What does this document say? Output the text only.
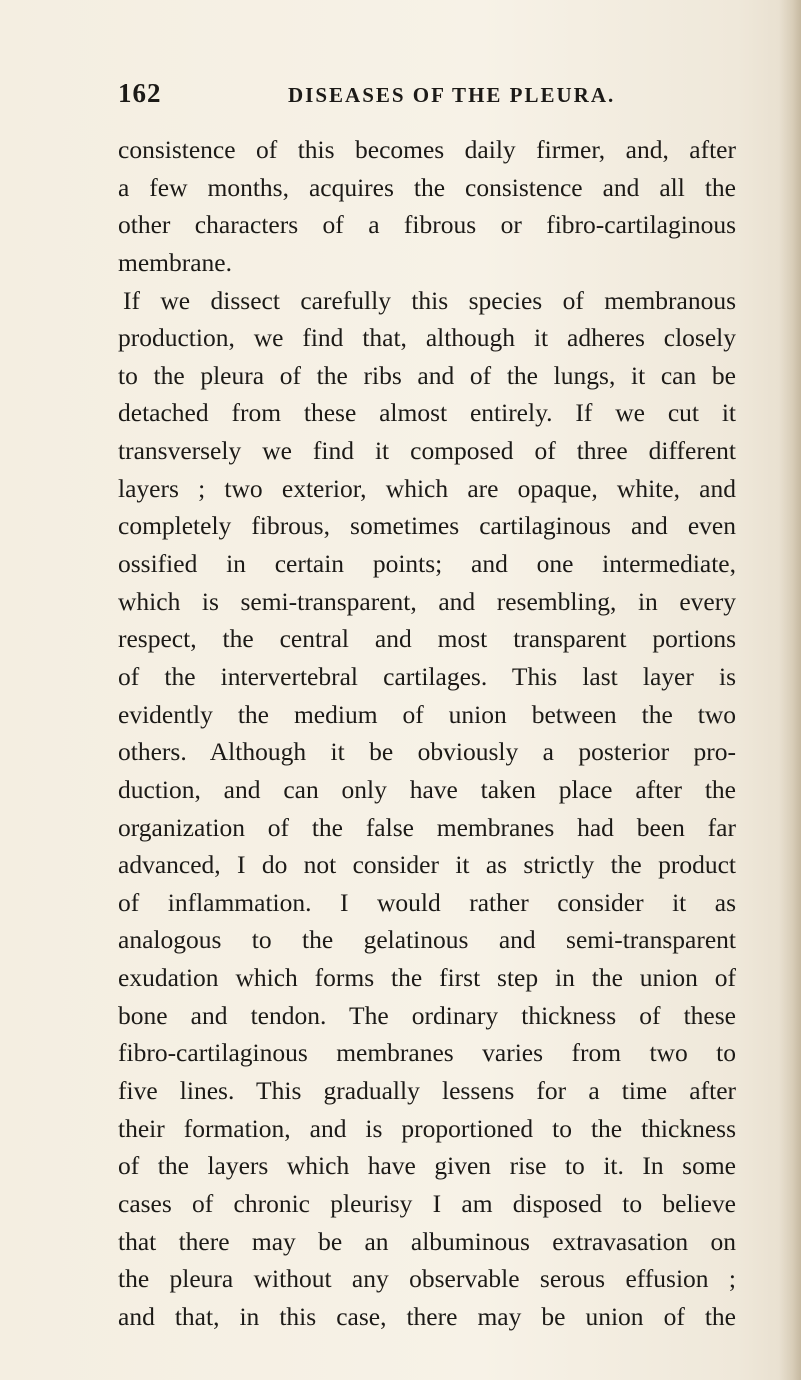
162	DISEASES OF THE PLEURA.
consistence of this becomes daily firmer, and, after
a few months, acquires the consistence and all the
other characters of a fibrous or fibro-cartilaginous
membrane.
If we dissect carefully this species of membranous
production, we find that, although it adheres closely
to the pleura of the ribs and of the lungs, it can be
detached from these almost entirely. If we cut it
transversely we find it composed of three different
layers ; two exterior, which are opaque, white, and
completely fibrous, sometimes cartilaginous and even
ossified in certain points; and one intermediate,
which is semi-transparent, and resembling, in every
respect, the central and most transparent portions
of the intervertebral cartilages. This last layer is
evidently the medium of union between the two
others. Although it be obviously a posterior pro-
duction, and can only have taken place after the
organization of the false membranes had been far
advanced, I do not consider it as strictly the product
of inflammation. I would rather consider it as
analogous to the gelatinous and semi-transparent
exudation which forms the first step in the union of
bone and tendon. The ordinary thickness of these
fibro-cartilaginous membranes varies from two to
five lines. This gradually lessens for a time after
their formation, and is proportioned to the thickness
of the layers which have given rise to it. In some
cases of chronic pleurisy I am disposed to believe
that there may be an albuminous extravasation on
the pleura without any observable serous effusion ;
and that, in this case, there may be union of the
